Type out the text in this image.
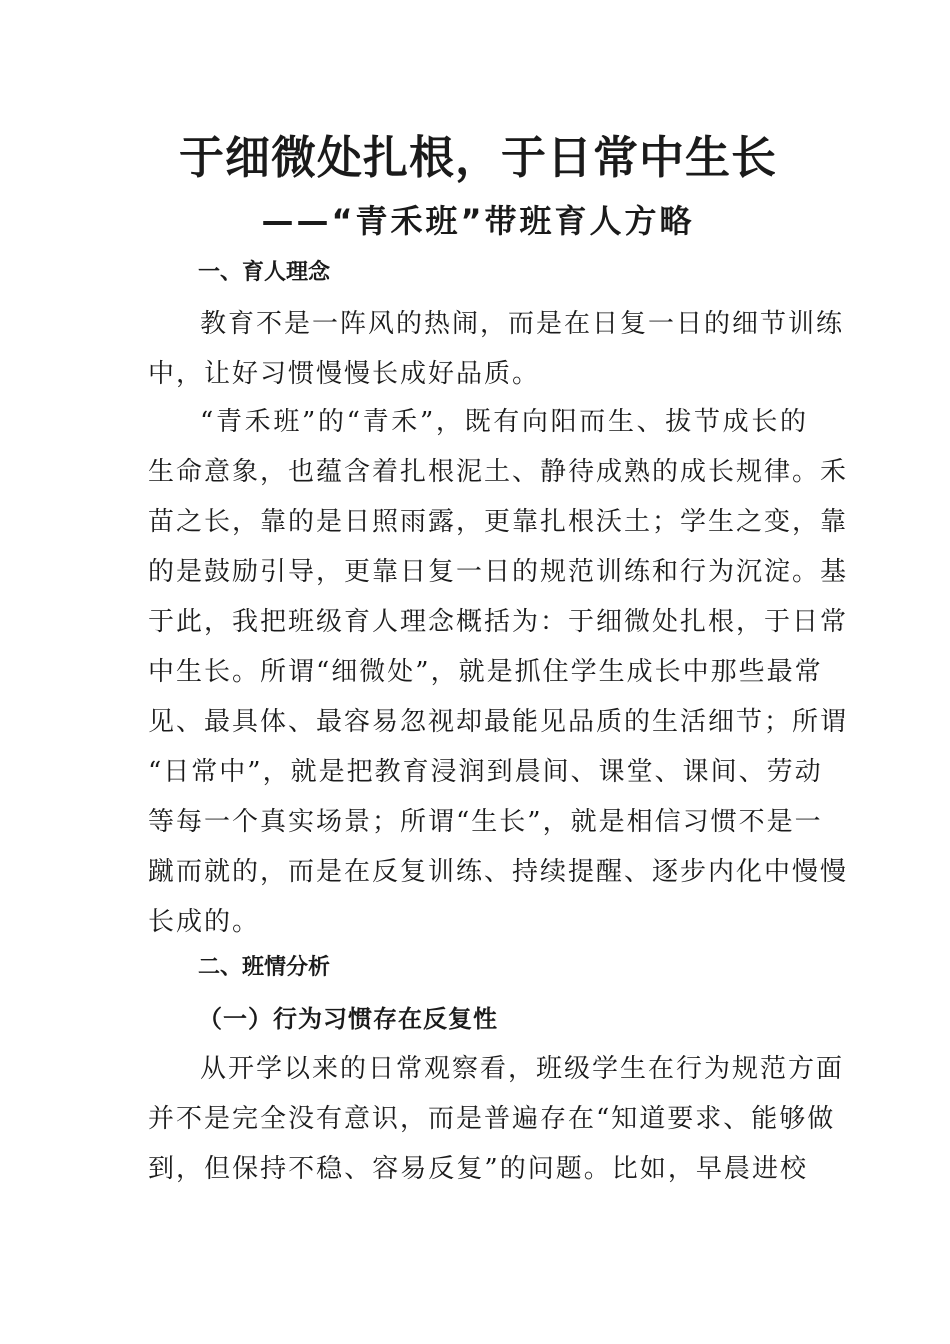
于细微处扎根，于日常中生长
——“青禾班”带班育人方略
一、育人理念

教育不是一阵风的热闹，而是在日复一日的细节训练
中，让好习惯慢慢长成好品质。

“青禾班”的“青禾”，既有向阳而生、拔节成长的
生命意象，也蕴含着扎根泥土、静待成熟的成长规律。禾
苗之长，靠的是日照雨露，更靠扎根沃土；学生之变，靠
的是鼓励引导，更靠日复一日的规范训练和行为沉淀。基
于此，我把班级育人理念概括为：于细微处扎根，于日常
中生长。所谓“细微处”，就是抓住学生成长中那些最常
见、最具体、最容易忽视却最能见品质的生活细节；所谓
“日常中”，就是把教育浸润到晨间、课堂、课间、劳动
等每一个真实场景；所谓“生长”，就是相信习惯不是一
蹴而就的，而是在反复训练、持续提醒、逐步内化中慢慢
长成的。

二、班情分析
（一）行为习惯存在反复性

从开学以来的日常观察看，班级学生在行为规范方面
并不是完全没有意识，而是普遍存在“知道要求、能够做
到，但保持不稳、容易反复”的问题。比如，早晨进校
